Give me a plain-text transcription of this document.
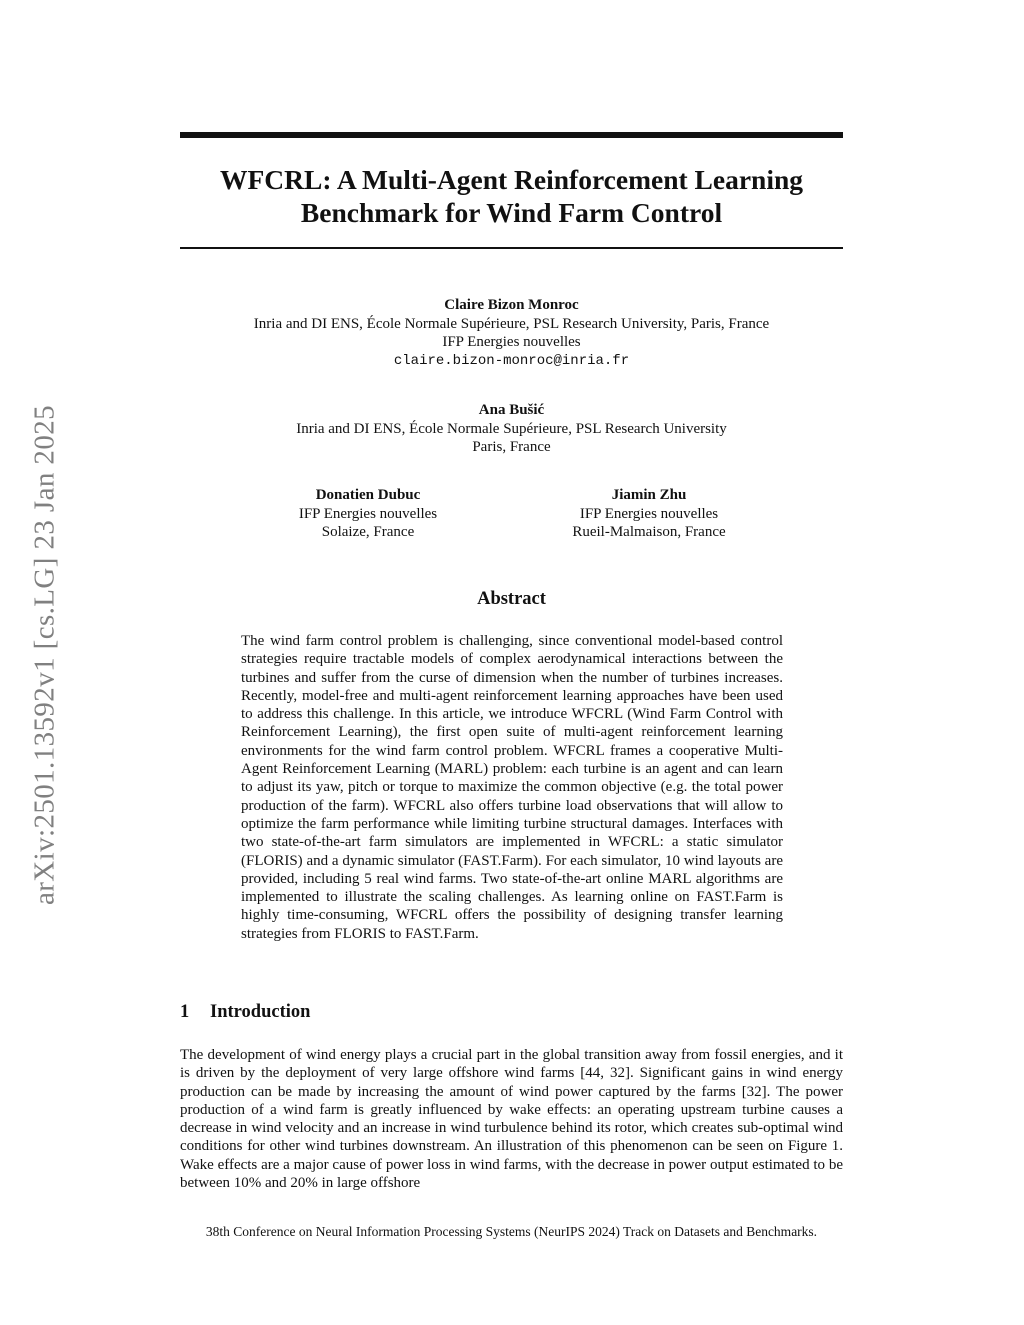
arXiv:2501.13592v1 [cs.LG] 23 Jan 2025
WFCRL: A Multi-Agent Reinforcement Learning
Benchmark for Wind Farm Control
Claire Bizon Monroc
Inria and DI ENS, École Normale Supérieure, PSL Research University, Paris, France
IFP Energies nouvelles
claire.bizon-monroc@inria.fr
Ana Bušić
Inria and DI ENS, École Normale Supérieure, PSL Research University
Paris, France
Donatien Dubuc
IFP Energies nouvelles
Solaize, France
Jiamin Zhu
IFP Energies nouvelles
Rueil-Malmaison, France
Abstract

The wind farm control problem is challenging, since conventional model-based control strategies require tractable models of complex aerodynamical interactions between the turbines and suffer from the curse of dimension when the number of turbines increases. Recently, model-free and multi-agent reinforcement learning approaches have been used to address this challenge. In this article, we introduce WFCRL (Wind Farm Control with Reinforcement Learning), the first open suite of multi-agent reinforcement learning environments for the wind farm control problem. WFCRL frames a cooperative Multi-Agent Reinforcement Learning (MARL) problem: each turbine is an agent and can learn to adjust its yaw, pitch or torque to maximize the common objective (e.g. the total power production of the farm). WFCRL also offers turbine load observations that will allow to optimize the farm performance while limiting turbine structural damages. Interfaces with two state-of-the-art farm simulators are implemented in WFCRL: a static simulator (FLORIS) and a dynamic simulator (FAST.Farm). For each simulator, 10 wind layouts are provided, including 5 real wind farms. Two state-of-the-art online MARL algorithms are implemented to illustrate the scaling challenges. As learning online on FAST.Farm is highly time-consuming, WFCRL offers the possibility of designing transfer learning strategies from FLORIS to FAST.Farm.

1 Introduction

The development of wind energy plays a crucial part in the global transition away from fossil energies, and it is driven by the deployment of very large offshore wind farms [44, 32]. Significant gains in wind energy production can be made by increasing the amount of wind power captured by the farms [32]. The power production of a wind farm is greatly influenced by wake effects: an operating upstream turbine causes a decrease in wind velocity and an increase in wind turbulence behind its rotor, which creates sub-optimal wind conditions for other wind turbines downstream. An illustration of this phenomenon can be seen on Figure 1. Wake effects are a major cause of power loss in wind farms, with the decrease in power output estimated to be between 10% and 20% in large offshore

38th Conference on Neural Information Processing Systems (NeurIPS 2024) Track on Datasets and Benchmarks.
